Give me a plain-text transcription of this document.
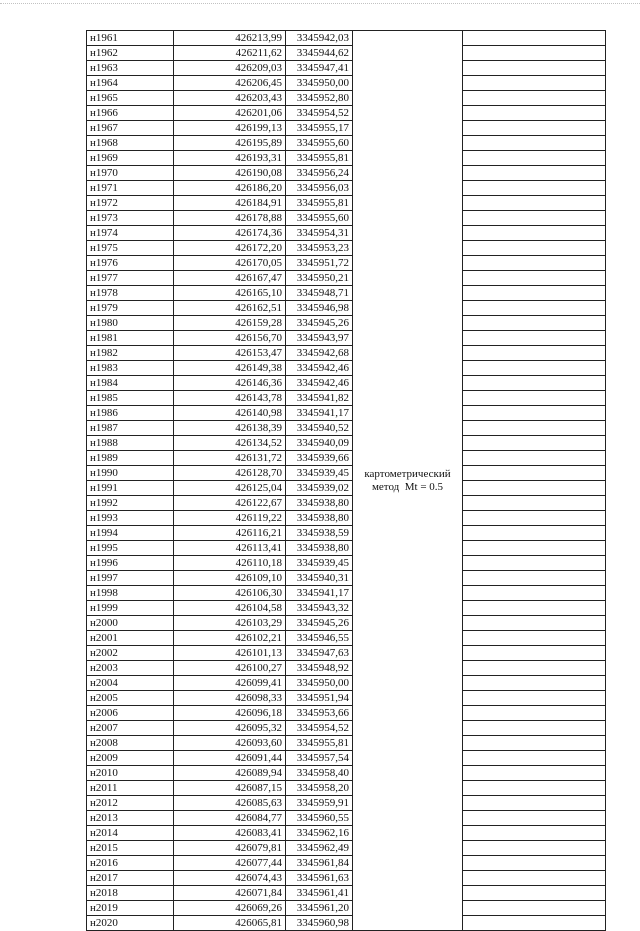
н1961	426213,99	3345942,03	картометрический
метод  Mt = 0.5	

н1962	426211,62	3345944,62		
н1963	426209,03	3345947,41		
н1964	426206,45	3345950,00		
н1965	426203,43	3345952,80		
н1966	426201,06	3345954,52		
н1967	426199,13	3345955,17		
н1968	426195,89	3345955,60		
н1969	426193,31	3345955,81		
н1970	426190,08	3345956,24		
н1971	426186,20	3345956,03		
н1972	426184,91	3345955,81		
н1973	426178,88	3345955,60		
н1974	426174,36	3345954,31		
н1975	426172,20	3345953,23		
н1976	426170,05	3345951,72		
н1977	426167,47	3345950,21		
н1978	426165,10	3345948,71		
н1979	426162,51	3345946,98		
н1980	426159,28	3345945,26		
н1981	426156,70	3345943,97		
н1982	426153,47	3345942,68		
н1983	426149,38	3345942,46		
н1984	426146,36	3345942,46		
н1985	426143,78	3345941,82		
н1986	426140,98	3345941,17		
н1987	426138,39	3345940,52		
н1988	426134,52	3345940,09		
н1989	426131,72	3345939,66		
н1990	426128,70	3345939,45		
н1991	426125,04	3345939,02		
н1992	426122,67	3345938,80		
н1993	426119,22	3345938,80		
н1994	426116,21	3345938,59		
н1995	426113,41	3345938,80		
н1996	426110,18	3345939,45		
н1997	426109,10	3345940,31		
н1998	426106,30	3345941,17		
н1999	426104,58	3345943,32		
н2000	426103,29	3345945,26		
н2001	426102,21	3345946,55		
н2002	426101,13	3345947,63		
н2003	426100,27	3345948,92		
н2004	426099,41	3345950,00		
н2005	426098,33	3345951,94		
н2006	426096,18	3345953,66		
н2007	426095,32	3345954,52		
н2008	426093,60	3345955,81		
н2009	426091,44	3345957,54		
н2010	426089,94	3345958,40		
н2011	426087,15	3345958,20		
н2012	426085,63	3345959,91		
н2013	426084,77	3345960,55		
н2014	426083,41	3345962,16		
н2015	426079,81	3345962,49		
н2016	426077,44	3345961,84		
н2017	426074,43	3345961,63		
н2018	426071,84	3345961,41		
н2019	426069,26	3345961,20		
н2020	426065,81	3345960,98		
